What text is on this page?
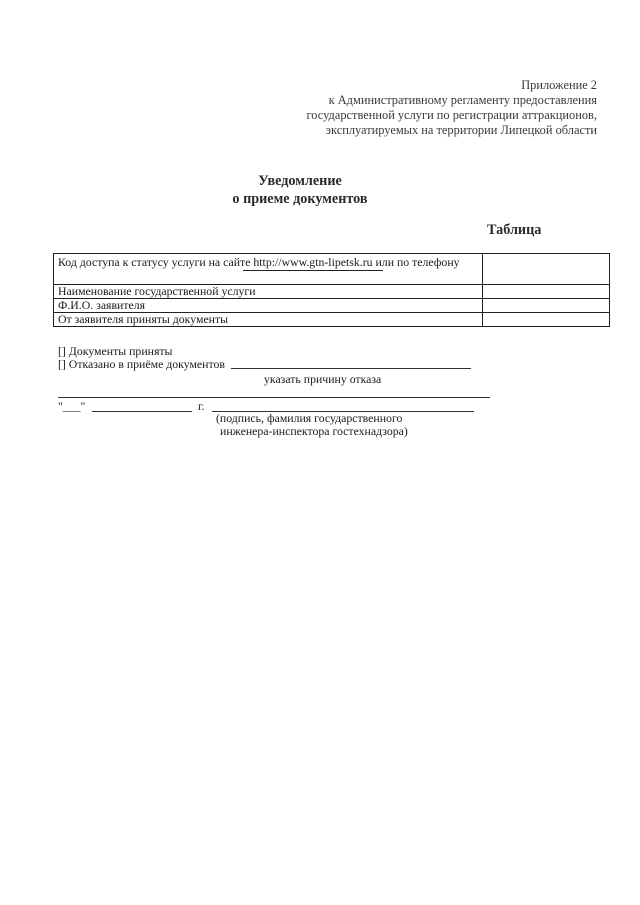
Приложение 2
к Административному регламенту предоставления
государственной услуги по регистрации аттракционов,
эксплуатируемых на территории Липецкой области
Уведомление
о приеме документов
Таблица
Код доступа к статусу услуги на сайте http://www.gtn-lipetsk.ru или по телефону

Наименование государственной услуги	
Ф.И.О. заявителя	
От заявителя приняты документы	
[] Документы приняты
[] Отказано в приёме документов
указать причину отказа
"___"	г.
(подпись, фамилия государственного
инженера-инспектора гостехнадзора)
